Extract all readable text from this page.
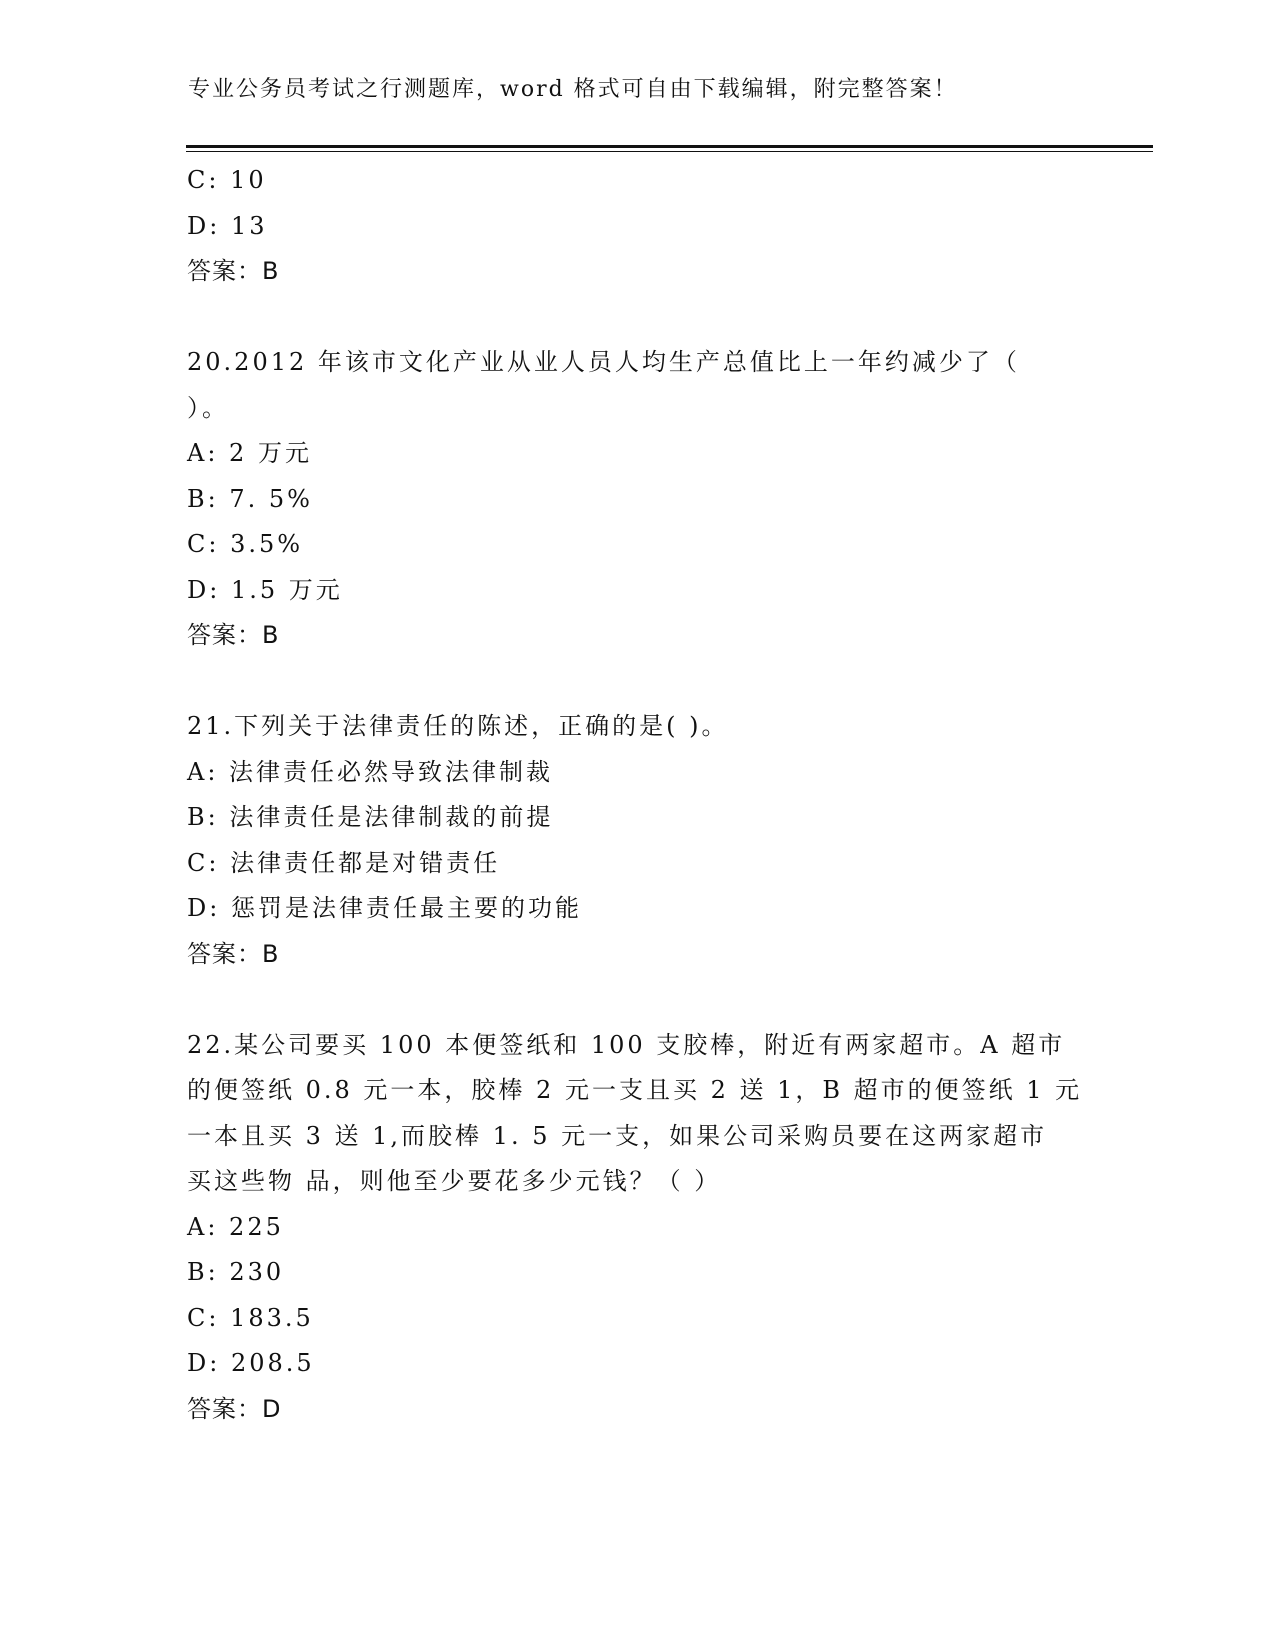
专业公务员考试之行测题库，word 格式可自由下载编辑，附完整答案！
C: 10
D: 13
答案：B
20.2012 年该市文化产业从业人员人均生产总值比上一年约减少了（
）。
A: 2 万元
B: 7. 5%
C: 3.5%
D: 1.5 万元
答案：B
21.下列关于法律责任的陈述，正确的是( )。
A: 法律责任必然导致法律制裁
B: 法律责任是法律制裁的前提
C: 法律责任都是对错责任
D: 惩罚是法律责任最主要的功能
答案：B
22.某公司要买 100 本便签纸和 100 支胶棒，附近有两家超市。A 超市
的便签纸 0.8 元一本，胶棒 2 元一支且买 2 送 1，B 超市的便签纸 1 元
一本且买 3 送 1,而胶棒 1. 5 元一支，如果公司采购员要在这两家超市
买这些物 品，则他至少要花多少元钱？（ ）
A: 225
B: 230
C: 183.5
D: 208.5
答案：D
